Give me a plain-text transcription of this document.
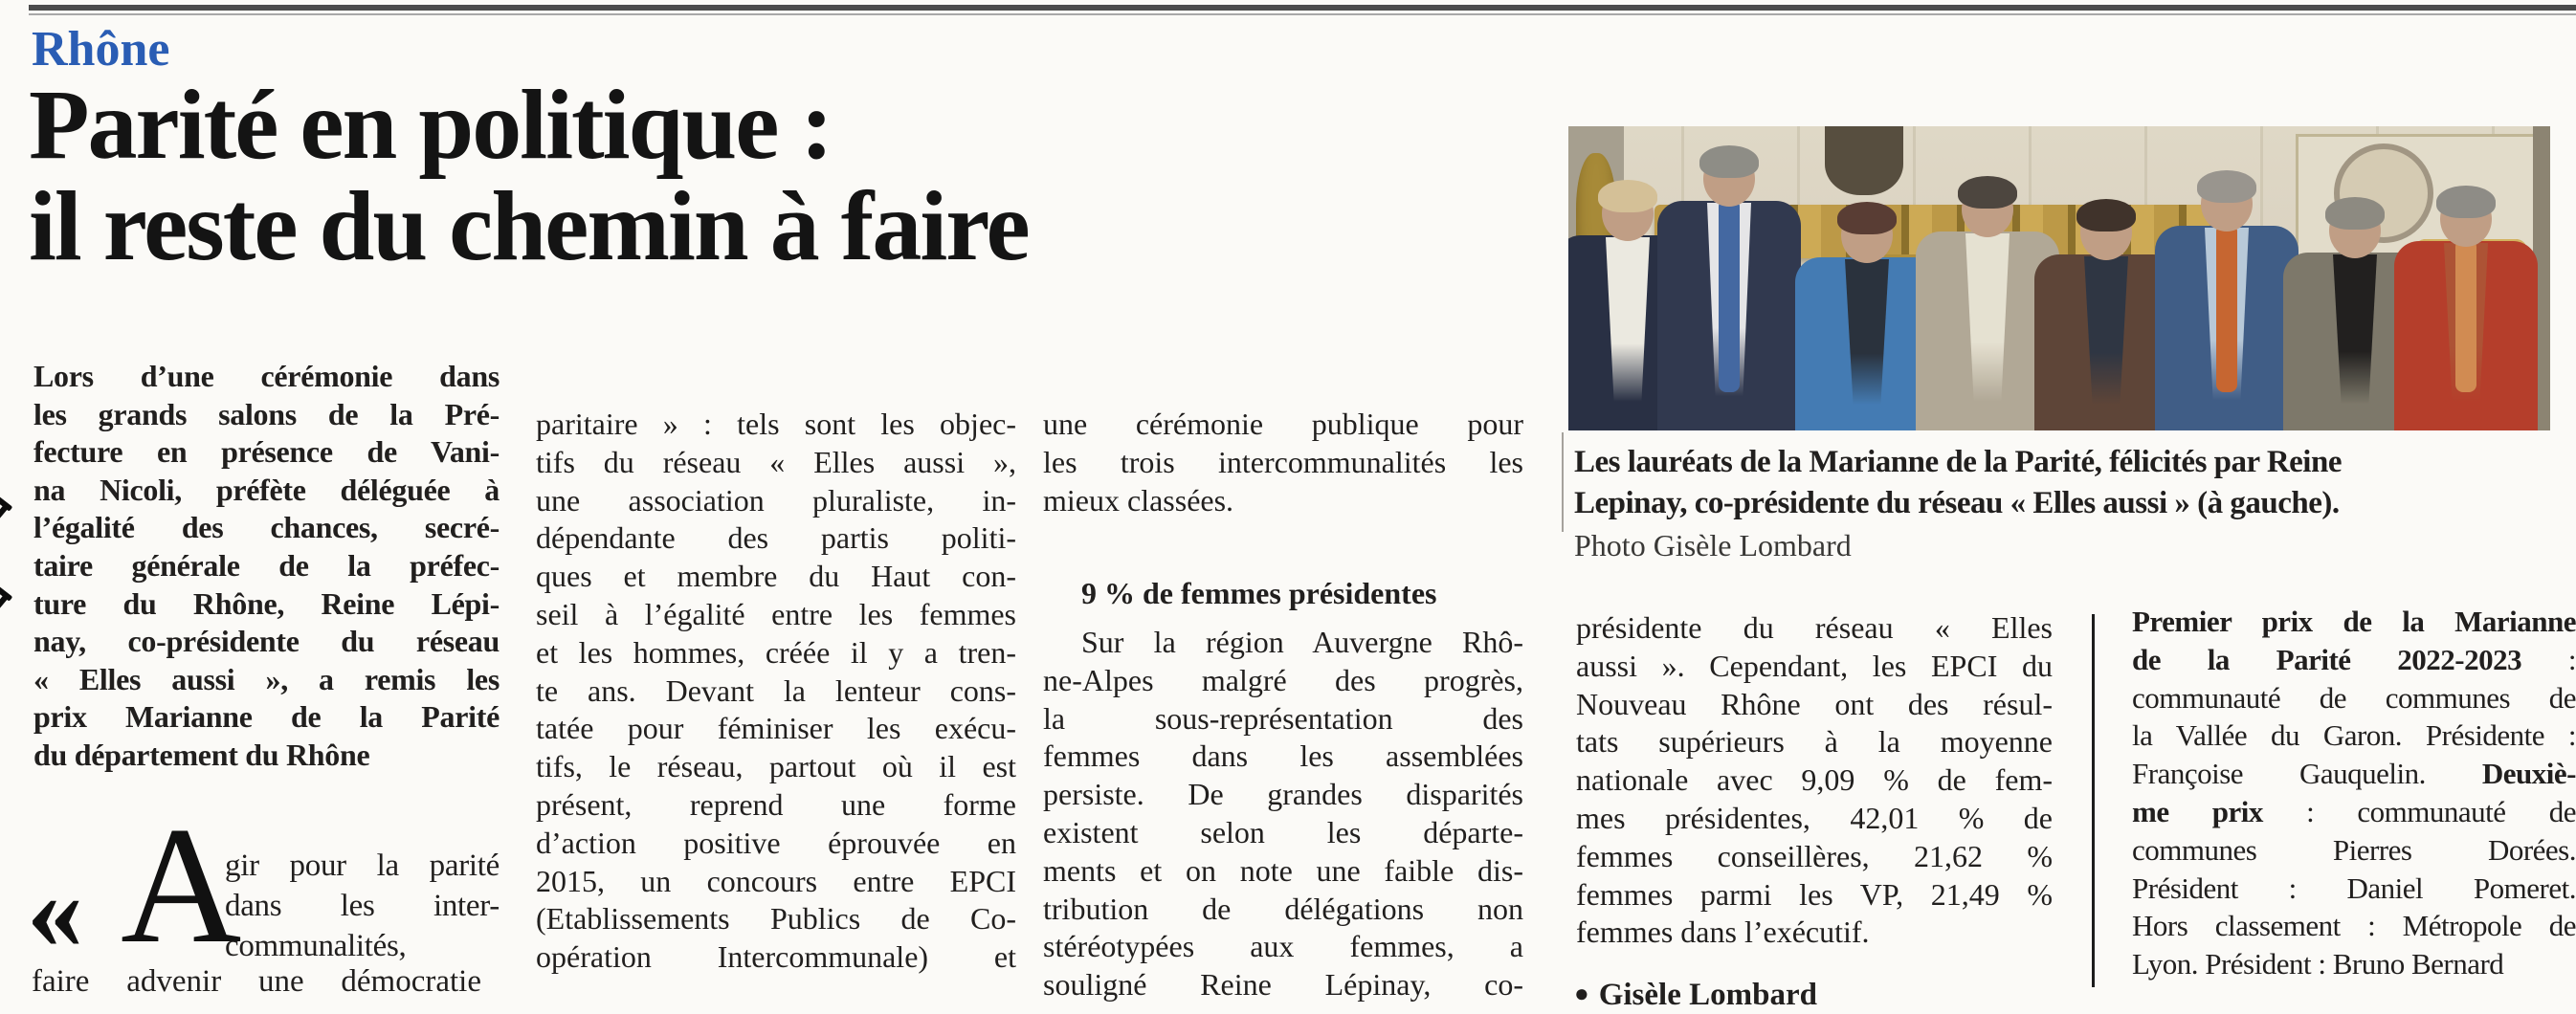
Rhône
Parité en politique :
il reste du chemin à faire
Lors d’une cérémonie dans
les grands salons de la Pré-
fecture en présence de Vani-
na Nicoli, préfète déléguée à
l’égalité des chances, secré-
taire générale de la préfec-
ture du Rhône, Reine Lépi-
nay, co-présidente du réseau
« Elles aussi », a remis les
prix Marianne de la Parité
du département du Rhône
« A
gir pour la parité
dans les inter-
communalités,
faire advenir une démocratie
paritaire » : tels sont les objec-
tifs du réseau « Elles aussi »,
une association pluraliste, in-
dépendante des partis politi-
ques et membre du Haut con-
seil à l’égalité entre les femmes
et les hommes, créée il y a tren-
te ans. Devant la lenteur cons-
tatée pour féminiser les exécu-
tifs, le réseau, partout où il est
présent, reprend une forme
d’action positive éprouvée en
2015, un concours entre EPCI
(Etablissements Publics de Co-
opération Intercommunale) et
une cérémonie publique pour
les trois intercommunalités les
mieux classées.
9 % de femmes présidentes
Sur la région Auvergne Rhô-
ne-Alpes malgré des progrès,
la sous-représentation des
femmes dans les assemblées
persiste. De grandes disparités
existent selon les départe-
ments et on note une faible dis-
tribution de délégations non
stéréotypées aux femmes, a
souligné Reine Lépinay, co-
Les lauréats de la Marianne de la Parité, félicités par Reine
Lepinay, co-présidente du réseau « Elles aussi » (à gauche).
Photo Gisèle Lombard
présidente du réseau « Elles
aussi ». Cependant, les EPCI du
Nouveau Rhône ont des résul-
tats supérieurs à la moyenne
nationale avec 9,09 % de fem-
mes présidentes, 42,01 % de
femmes conseillères, 21,62 %
femmes parmi les VP, 21,49 %
femmes dans l’exécutif.
● Gisèle Lombard
Premier prix de la Marianne
de la Parité 2022-2023 :
communauté de communes de
la Vallée du Garon. Présidente :
Françoise Gauquelin. Deuxiè-
me prix : communauté de
communes Pierres Dorées.
Président : Daniel Pomeret.
Hors classement : Métropole de
Lyon. Président : Bruno Bernard
